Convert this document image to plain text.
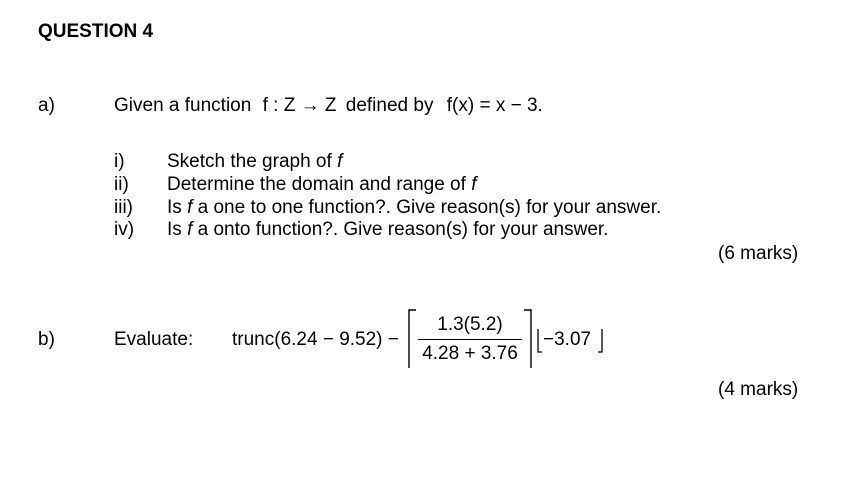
QUESTION 4
a)	Given a function f : Z → Z defined by f(x) = x − 3.
i) Sketch the graph of f
ii) Determine the domain and range of f
iii) Is f a one to one function?. Give reason(s) for your answer.
iv) Is f a onto function?. Give reason(s) for your answer.
(6 marks)
b)	Evaluate: trunc(6.24 − 9.52) −
1.3(5.2)
4.28 + 3.76
−3.07
(4 marks)
